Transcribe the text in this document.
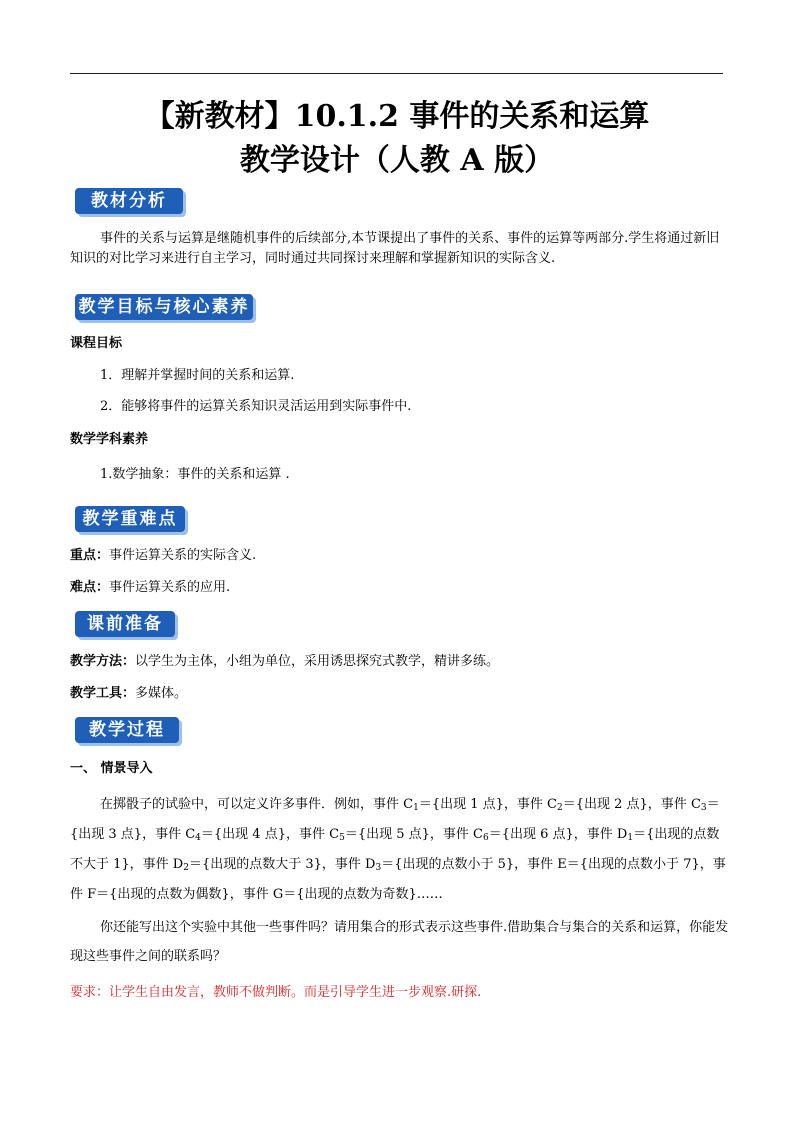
【新教材】10.1.2 事件的关系和运算
教学设计（人教 A 版）
教材分析
事件的关系与运算是继随机事件的后续部分,本节课提出了事件的关系、事件的运算等两部分.学生将通过新旧知识的对比学习来进行自主学习，同时通过共同探讨来理解和掌握新知识的实际含义.
教学目标与核心素养
课程目标
1．理解并掌握时间的关系和运算.
2．能够将事件的运算关系知识灵活运用到实际事件中.
数学学科素养
1.数学抽象：事件的关系和运算 .
教学重难点
重点：事件运算关系的实际含义.
难点：事件运算关系的应用.
课前准备
教学方法：以学生为主体，小组为单位，采用诱思探究式教学，精讲多练。
教学工具：多媒体。
教学过程
一、 情景导入
在掷骰子的试验中，可以定义许多事件．例如，事件 $C_1=${出现 1 点}，事件 $C_2=${出现 2 点}，事件 $C_3=${出现 3 点}，事件 $C_4=${出现 4 点}，事件 $C_5=${出现 5 点}，事件 $C_6=${出现 6 点}，事件 $D_1=${出现的点数不大于 1}，事件 $D_2=${出现的点数大于 3}，事件 $D_3=${出现的点数小于 5}，事件 E＝{出现的点数小于 7}，事件 F＝{出现的点数为偶数}，事件 G＝{出现的点数为奇数}……
你还能写出这个实验中其他一些事件吗？请用集合的形式表示这些事件.借助集合与集合的关系和运算，你能发现这些事件之间的联系吗？
要求：让学生自由发言，教师不做判断。而是引导学生进一步观察.研探.
